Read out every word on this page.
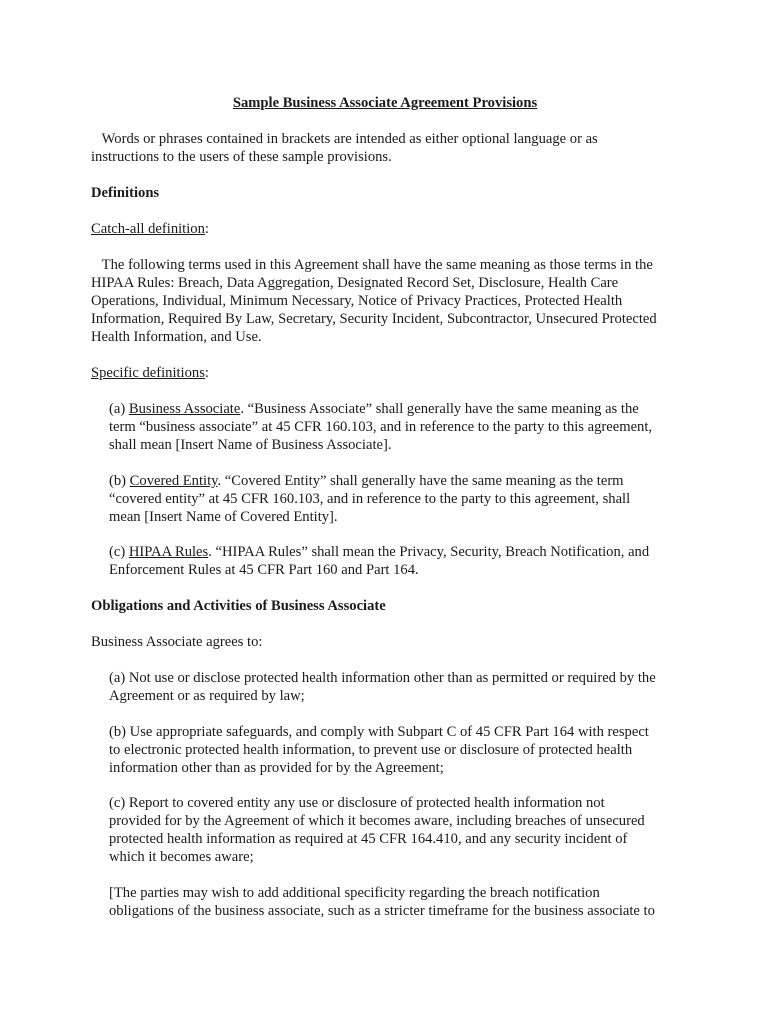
Sample Business Associate Agreement Provisions

Words or phrases contained in brackets are intended as either optional language or as
instructions to the users of these sample provisions.

Definitions
Catch-all definition:

The following terms used in this Agreement shall have the same meaning as those terms in the
HIPAA Rules: Breach, Data Aggregation, Designated Record Set, Disclosure, Health Care
Operations, Individual, Minimum Necessary, Notice of Privacy Practices, Protected Health
Information, Required By Law, Secretary, Security Incident, Subcontractor, Unsecured Protected
Health Information, and Use.

Specific definitions:

(a) Business Associate. “Business Associate” shall generally have the same meaning as the
term “business associate” at 45 CFR 160.103, and in reference to the party to this agreement,
shall mean [Insert Name of Business Associate].

(b) Covered Entity. “Covered Entity” shall generally have the same meaning as the term
“covered entity” at 45 CFR 160.103, and in reference to the party to this agreement, shall
mean [Insert Name of Covered Entity].

(c) HIPAA Rules. “HIPAA Rules” shall mean the Privacy, Security, Breach Notification, and
Enforcement Rules at 45 CFR Part 160 and Part 164.

Obligations and Activities of Business Associate
Business Associate agrees to:

(a) Not use or disclose protected health information other than as permitted or required by the
Agreement or as required by law;

(b) Use appropriate safeguards, and comply with Subpart C of 45 CFR Part 164 with respect
to electronic protected health information, to prevent use or disclosure of protected health
information other than as provided for by the Agreement;

(c) Report to covered entity any use or disclosure of protected health information not
provided for by the Agreement of which it becomes aware, including breaches of unsecured
protected health information as required at 45 CFR 164.410, and any security incident of
which it becomes aware;

[The parties may wish to add additional specificity regarding the breach notification
obligations of the business associate, such as a stricter timeframe for the business associate to
